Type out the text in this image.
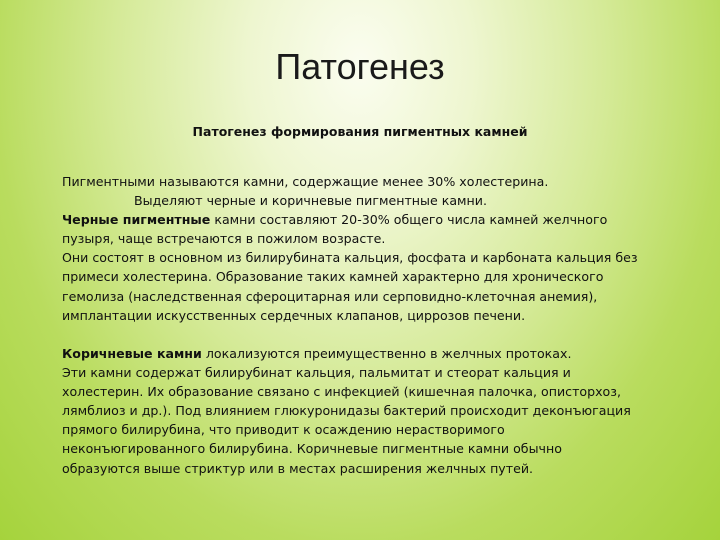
Патогенез
Патогенез формирования пигментных камней
Пигментными называются камни, содержащие менее 30% холестерина.
Выделяют черные и коричневые пигментные камни.
Черные пигментные камни составляют 20-30% общего числа камней желчного
пузыря, чаще встречаются в пожилом возрасте.
Они состоят в основном из билирубината кальция, фосфата и карбоната кальция без
примеси холестерина. Образование таких камней характерно для хронического
гемолиза (наследственная сфероцитарная или серповидно-клеточная анемия),
имплантации искусственных сердечных клапанов, циррозов печени.
Коричневые камни локализуются преимущественно в желчных протоках.
Эти камни содержат билирубинат кальция, пальмитат и стеорат кальция и
холестерин. Их образование связано с инфекцией (кишечная палочка, описторхоз,
лямблиоз и др.). Под влиянием глюкуронидазы бактерий происходит деконъюгация
прямого билирубина, что приводит к осаждению нерастворимого
неконъюгированного билирубина. Коричневые пигментные камни обычно
образуются выше стриктур или в местах расширения желчных путей.
